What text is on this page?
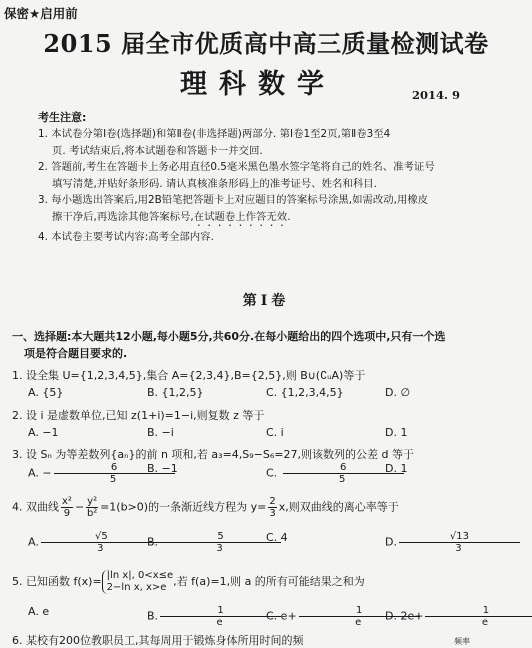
保密★启用前
2015 届全市优质高中高三质量检测试卷
理科数学	2014. 9
考生注意:
1. 本试卷分第Ⅰ卷(选择题)和第Ⅱ卷(非选择题)两部分. 第Ⅰ卷1至2页,第Ⅱ卷3至4
页. 考试结束后,将本试题卷和答题卡一并交回.
2. 答题前,考生在答题卡上务必用直径0.5毫米黑色墨水签字笔将自己的姓名、准考证号
填写清楚,并贴好条形码. 请认真核准条形码上的准考证号、姓名和科目.
3. 每小题选出答案后,用2B铅笔把答题卡上对应题目的答案标号涂黑,如需改动,用橡皮
擦干净后,再选涂其他答案标号,在试题卷上作答无效.
4. 本试卷主要考试内容:高考全部内容.
第Ⅰ卷
一、选择题:本大题共12小题,每小题5分,共60分.在每小题给出的四个选项中,只有一个选
项是符合题目要求的.
1. 设全集 U={1,2,3,4,5},集合 A={2,3,4},B={2,5},则 B∪(∁ᵤA)等于
A. {5}	B. {1,2,5}	C. {1,2,3,4,5}	D. ∅
2. 设 i 是虚数单位,已知 z(1+i)=1−i,则复数 z 等于
A. −1	B. −i	C. i	D. 1
3. 设 Sₙ 为等差数列{aₙ}的前 n 项和,若 a₃=4,S₉−S₆=27,则该数列的公差 d 等于
A. − $\frac{6}{5}$
B. −1	C. $\frac{6}{5}$
D. 1
4. 双曲线 $\frac{\text{x²}}{9} - \frac{\text{y²}}{\text{b²}} =1(b>0)$的一条渐近线方程为 $y= \frac{2}{3} x$,则双曲线的离心率等于
A. $\frac{√5}{3}$
B. $\frac{5}{3}$
C. 4	D. $\frac{√13}{3}$
5. 已知函数 f(x)= |ln x|, 0<x≤e
2−ln x, x>e ,若 f(a)=1,则 a 的所有可能结果之和为
A. e	B. $\frac{1}{e}$
C. $e+ \frac{1}{e}$
D. $2e+ \frac{1}{e}$
6. 某校有200位教职员工,其每周用于锻炼身体所用时间的频	频率
